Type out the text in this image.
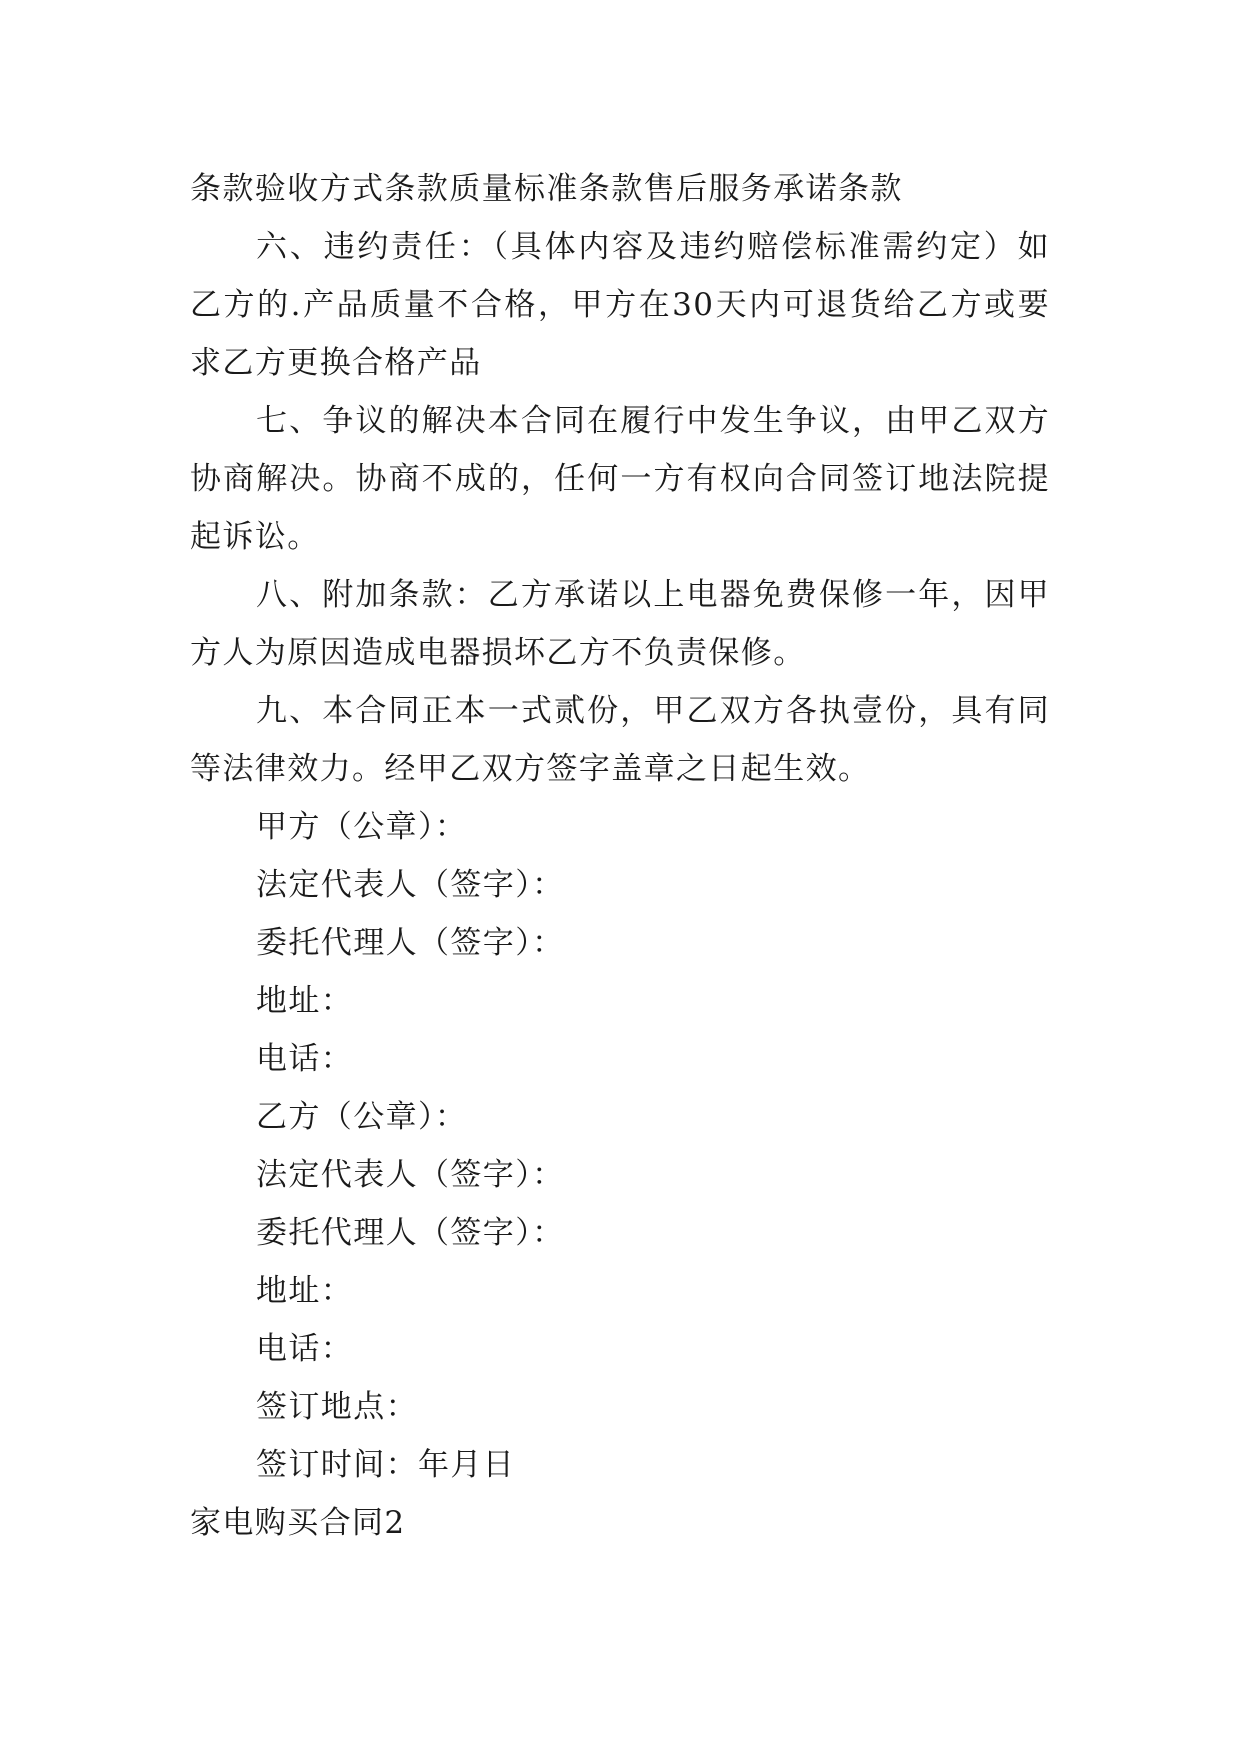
条款验收方式条款质量标准条款售后服务承诺条款
六、违约责任：（具体内容及违约赔偿标准需约定）如乙方的.产品质量不合格，甲方在30天内可退货给乙方或要求乙方更换合格产品
七、争议的解决本合同在履行中发生争议，由甲乙双方协商解决。协商不成的，任何一方有权向合同签订地法院提起诉讼。
八、附加条款：乙方承诺以上电器免费保修一年，因甲方人为原因造成电器损坏乙方不负责保修。
九、本合同正本一式贰份，甲乙双方各执壹份，具有同等法律效力。经甲乙双方签字盖章之日起生效。
甲方（公章）：
法定代表人（签字）：
委托代理人（签字）：
地址：
电话：
乙方（公章）：
法定代表人（签字）：
委托代理人（签字）：
地址：
电话：
签订地点：
签订时间：年月日
家电购买合同2
